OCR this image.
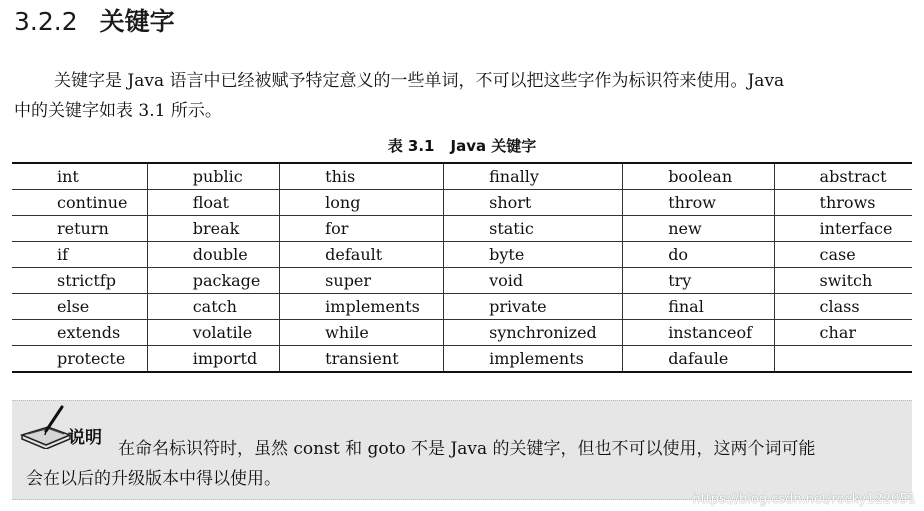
3.2.2 关键字
关键字是 Java 语言中已经被赋予特定意义的一些单词，不可以把这些字作为标识符来使用。Java
中的关键字如表 3.1 所示。
表 3.1 Java 关键字
int	public	this	finally	boolean	abstract
continue	float	long	short	throw	throws
return	break	for	static	new	interface
if	double	default	byte	do	case
strictfp	package	super	void	try	switch
else	catch	implements	private	final	class
extends	volatile	while	synchronized	instanceof	char
protecte	importd	transient	implements	dafaule	
说明
在命名标识符时，虽然 const 和 goto 不是 Java 的关键字，但也不可以使用，这两个词可能
会在以后的升级版本中得以使用。
https://blog.csdn.net/rocky122051
